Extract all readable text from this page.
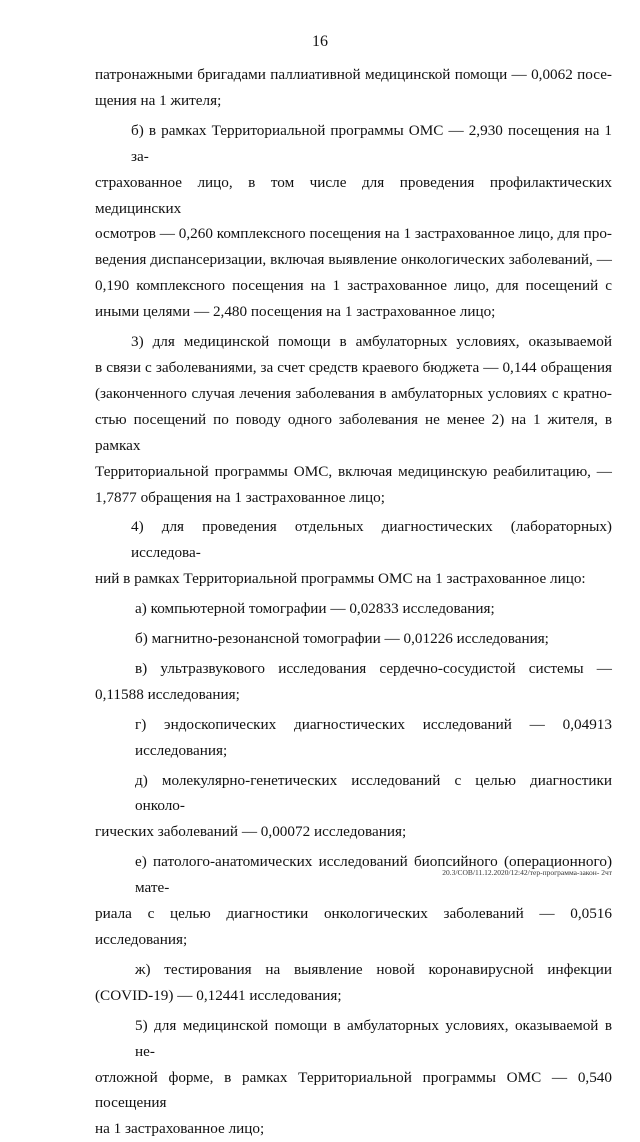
16
патронажными бригадами паллиативной медицинской помощи — 0,0062 посе-
щения на 1 жителя;
б) в рамках Территориальной программы ОМС — 2,930 посещения на 1 за-
страхованное лицо, в том числе для проведения профилактических медицинских
осмотров — 0,260 комплексного посещения на 1 застрахованное лицо, для про-
ведения диспансеризации, включая выявление онкологических заболеваний, —
0,190 комплексного посещения на 1 застрахованное лицо, для посещений с
иными целями — 2,480 посещения на 1 застрахованное лицо;
3) для медицинской помощи в амбулаторных условиях, оказываемой
в связи с заболеваниями, за счет средств краевого бюджета — 0,144 обращения
(законченного случая лечения заболевания в амбулаторных условиях с кратно-
стью посещений по поводу одного заболевания не менее 2) на 1 жителя, в рамках
Территориальной программы ОМС, включая медицинскую реабилитацию, —
1,7877 обращения на 1 застрахованное лицо;
4) для проведения отдельных диагностических (лабораторных) исследова-
ний в рамках Территориальной программы ОМС на 1 застрахованное лицо:
а) компьютерной томографии — 0,02833 исследования;
б) магнитно-резонансной томографии — 0,01226 исследования;
в) ультразвукового исследования сердечно-сосудистой системы —
0,11588 исследования;
г) эндоскопических диагностических исследований — 0,04913 исследования;
д) молекулярно-генетических исследований с целью диагностики онколо-
гических заболеваний — 0,00072 исследования;
е) патолого-анатомических исследований биопсийного (операционного) мате-
риала с целью диагностики онкологических заболеваний — 0,0516 исследования;
ж) тестирования на выявление новой коронавирусной инфекции
(COVID-19) — 0,12441 исследования;
5) для медицинской помощи в амбулаторных условиях, оказываемой в не-
отложной форме, в рамках Территориальной программы ОМС — 0,540 посещения
на 1 застрахованное лицо;
20.3/СОВ/11.12.2020/12:42/тер-программа-закон- 2чт
